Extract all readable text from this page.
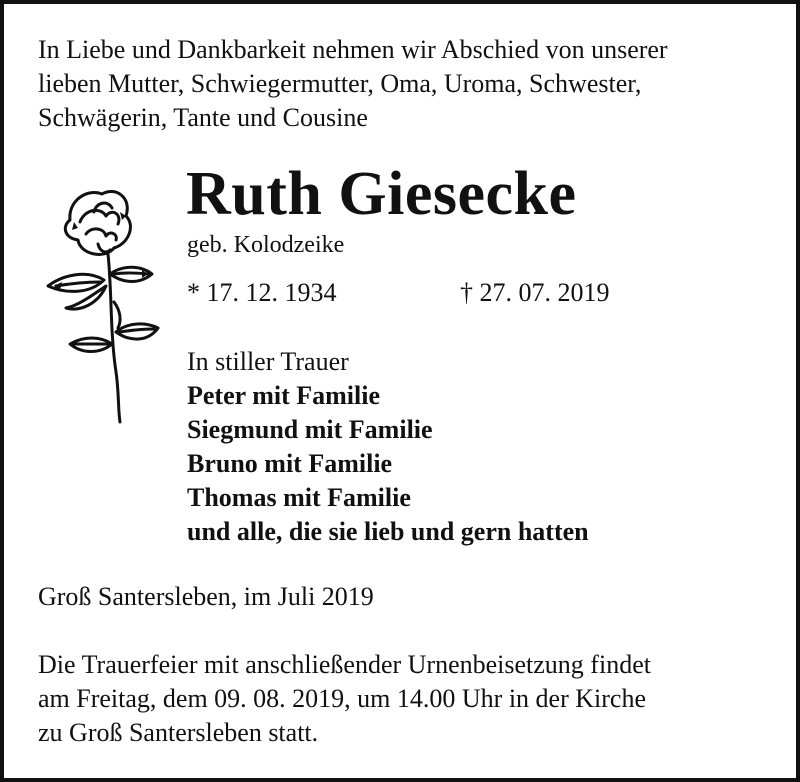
In Liebe und Dankbarkeit nehmen wir Abschied von unserer
lieben Mutter, Schwiegermutter, Oma, Uroma, Schwester,
Schwägerin, Tante und Cousine

Ruth Giesecke
geb. Kolodzeike
* 17. 12. 1934	† 27. 07. 2019
In stiller Trauer
Peter mit Familie
Siegmund mit Familie
Bruno mit Familie
Thomas mit Familie
und alle, die sie lieb und gern hatten
Groß Santersleben, im Juli 2019

Die Trauerfeier mit anschließender Urnenbeisetzung findet
am Freitag, dem 09. 08. 2019, um 14.00 Uhr in der Kirche
zu Groß Santersleben statt.
